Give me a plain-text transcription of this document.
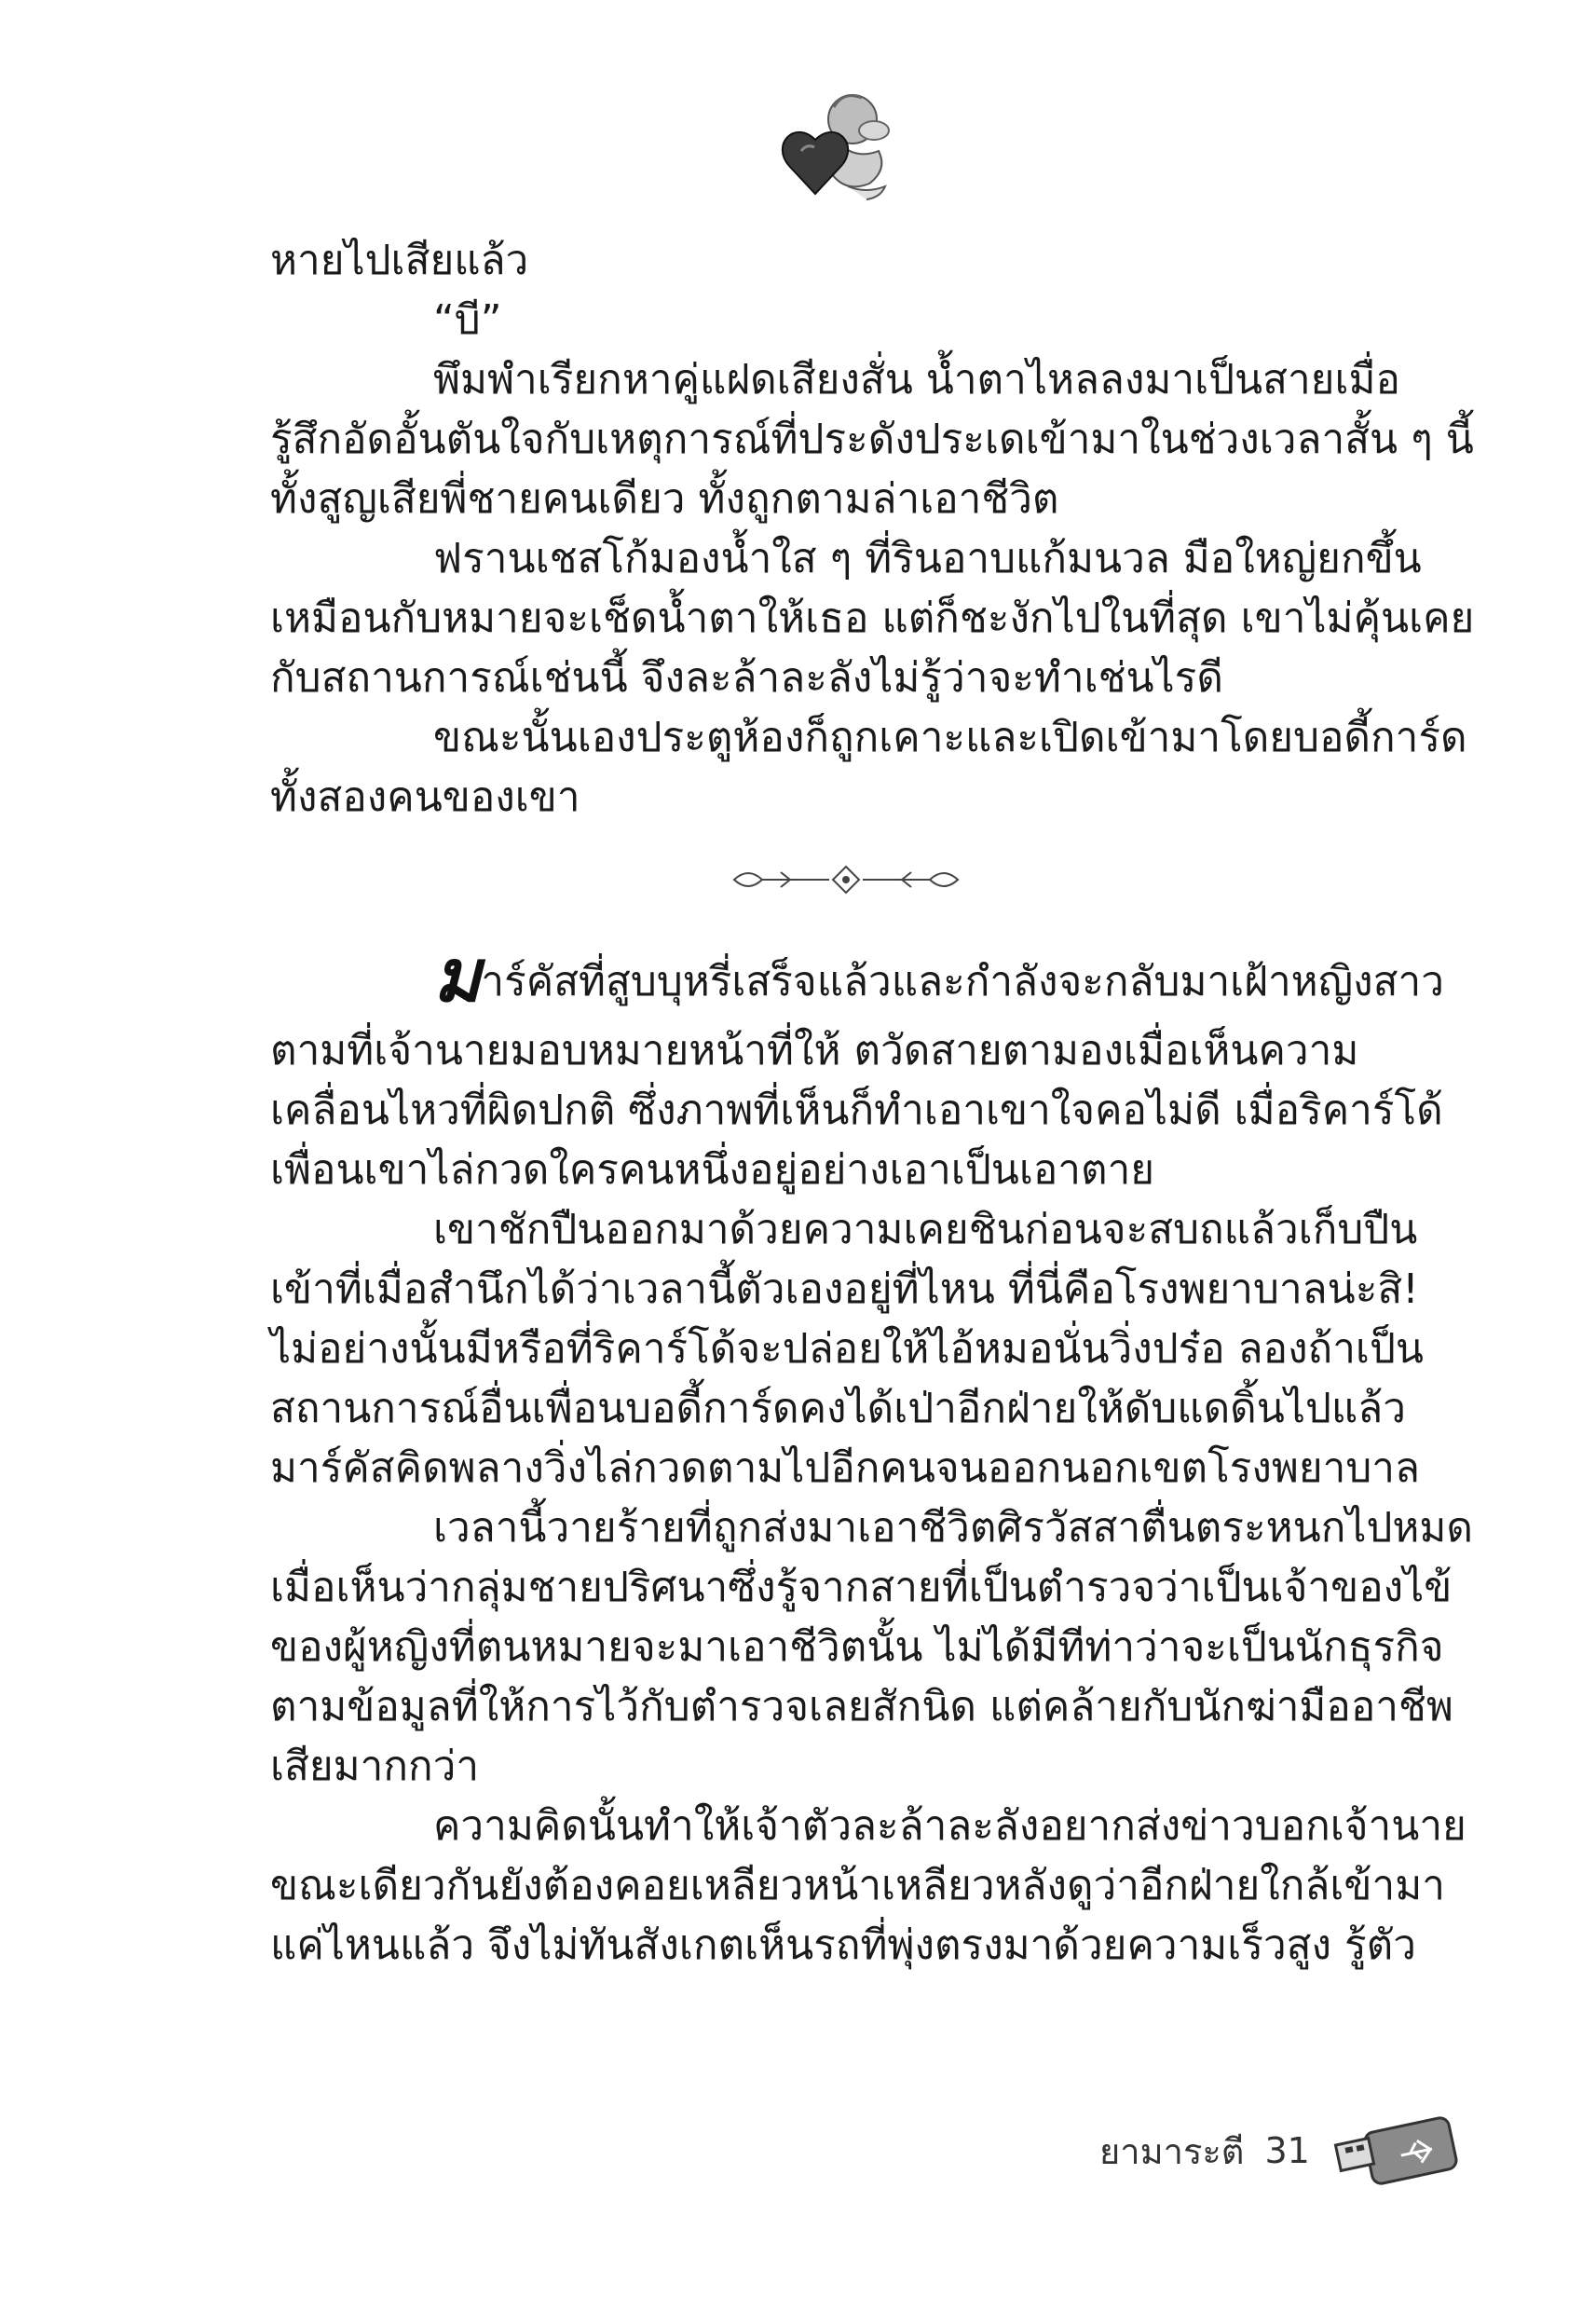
หายไปเสียแล้ว
“บี”
พึมพำเรียกหาคู่แฝดเสียงสั่น น้ำตาไหลลงมาเป็นสายเมื่อ
รู้สึกอัดอั้นตันใจกับเหตุการณ์ที่ประดังประเดเข้ามาในช่วงเวลาสั้น ๆ นี้
ทั้งสูญเสียพี่ชายคนเดียว ทั้งถูกตามล่าเอาชีวิต
ฟรานเชสโก้มองน้ำใส ๆ ที่รินอาบแก้มนวล มือใหญ่ยกขึ้น
เหมือนกับหมายจะเช็ดน้ำตาให้เธอ แต่ก็ชะงักไปในที่สุด เขาไม่คุ้นเคย
กับสถานการณ์เช่นนี้ จึงละล้าละลังไม่รู้ว่าจะทำเช่นไรดี
ขณะนั้นเองประตูห้องก็ถูกเคาะและเปิดเข้ามาโดยบอดี้การ์ด
ทั้งสองคนของเขา
มาร์คัสที่สูบบุหรี่เสร็จแล้วและกำลังจะกลับมาเฝ้าหญิงสาว
ตามที่เจ้านายมอบหมายหน้าที่ให้ ตวัดสายตามองเมื่อเห็นความ
เคลื่อนไหวที่ผิดปกติ ซึ่งภาพที่เห็นก็ทำเอาเขาใจคอไม่ดี เมื่อริคาร์โด้
เพื่อนเขาไล่กวดใครคนหนึ่งอยู่อย่างเอาเป็นเอาตาย
เขาชักปืนออกมาด้วยความเคยชินก่อนจะสบถแล้วเก็บปืน
เข้าที่เมื่อสำนึกได้ว่าเวลานี้ตัวเองอยู่ที่ไหน ที่นี่คือโรงพยาบาลน่ะสิ!
ไม่อย่างนั้นมีหรือที่ริคาร์โด้จะปล่อยให้ไอ้หมอนั่นวิ่งปร๋อ ลองถ้าเป็น
สถานการณ์อื่นเพื่อนบอดี้การ์ดคงได้เป่าอีกฝ่ายให้ดับแดดิ้นไปแล้ว
มาร์คัสคิดพลางวิ่งไล่กวดตามไปอีกคนจนออกนอกเขตโรงพยาบาล
เวลานี้วายร้ายที่ถูกส่งมาเอาชีวิตศิรวัสสาตื่นตระหนกไปหมด
เมื่อเห็นว่ากลุ่มชายปริศนาซึ่งรู้จากสายที่เป็นตำรวจว่าเป็นเจ้าของไข้
ของผู้หญิงที่ตนหมายจะมาเอาชีวิตนั้น ไม่ได้มีทีท่าว่าจะเป็นนักธุรกิจ
ตามข้อมูลที่ให้การไว้กับตำรวจเลยสักนิด แต่คล้ายกับนักฆ่ามืออาชีพ
เสียมากกว่า
ความคิดนั้นทำให้เจ้าตัวละล้าละลังอยากส่งข่าวบอกเจ้านาย
ขณะเดียวกันยังต้องคอยเหลียวหน้าเหลียวหลังดูว่าอีกฝ่ายใกล้เข้ามา
แค่ไหนแล้ว จึงไม่ทันสังเกตเห็นรถที่พุ่งตรงมาด้วยความเร็วสูง รู้ตัว
ยามาระตี 31
